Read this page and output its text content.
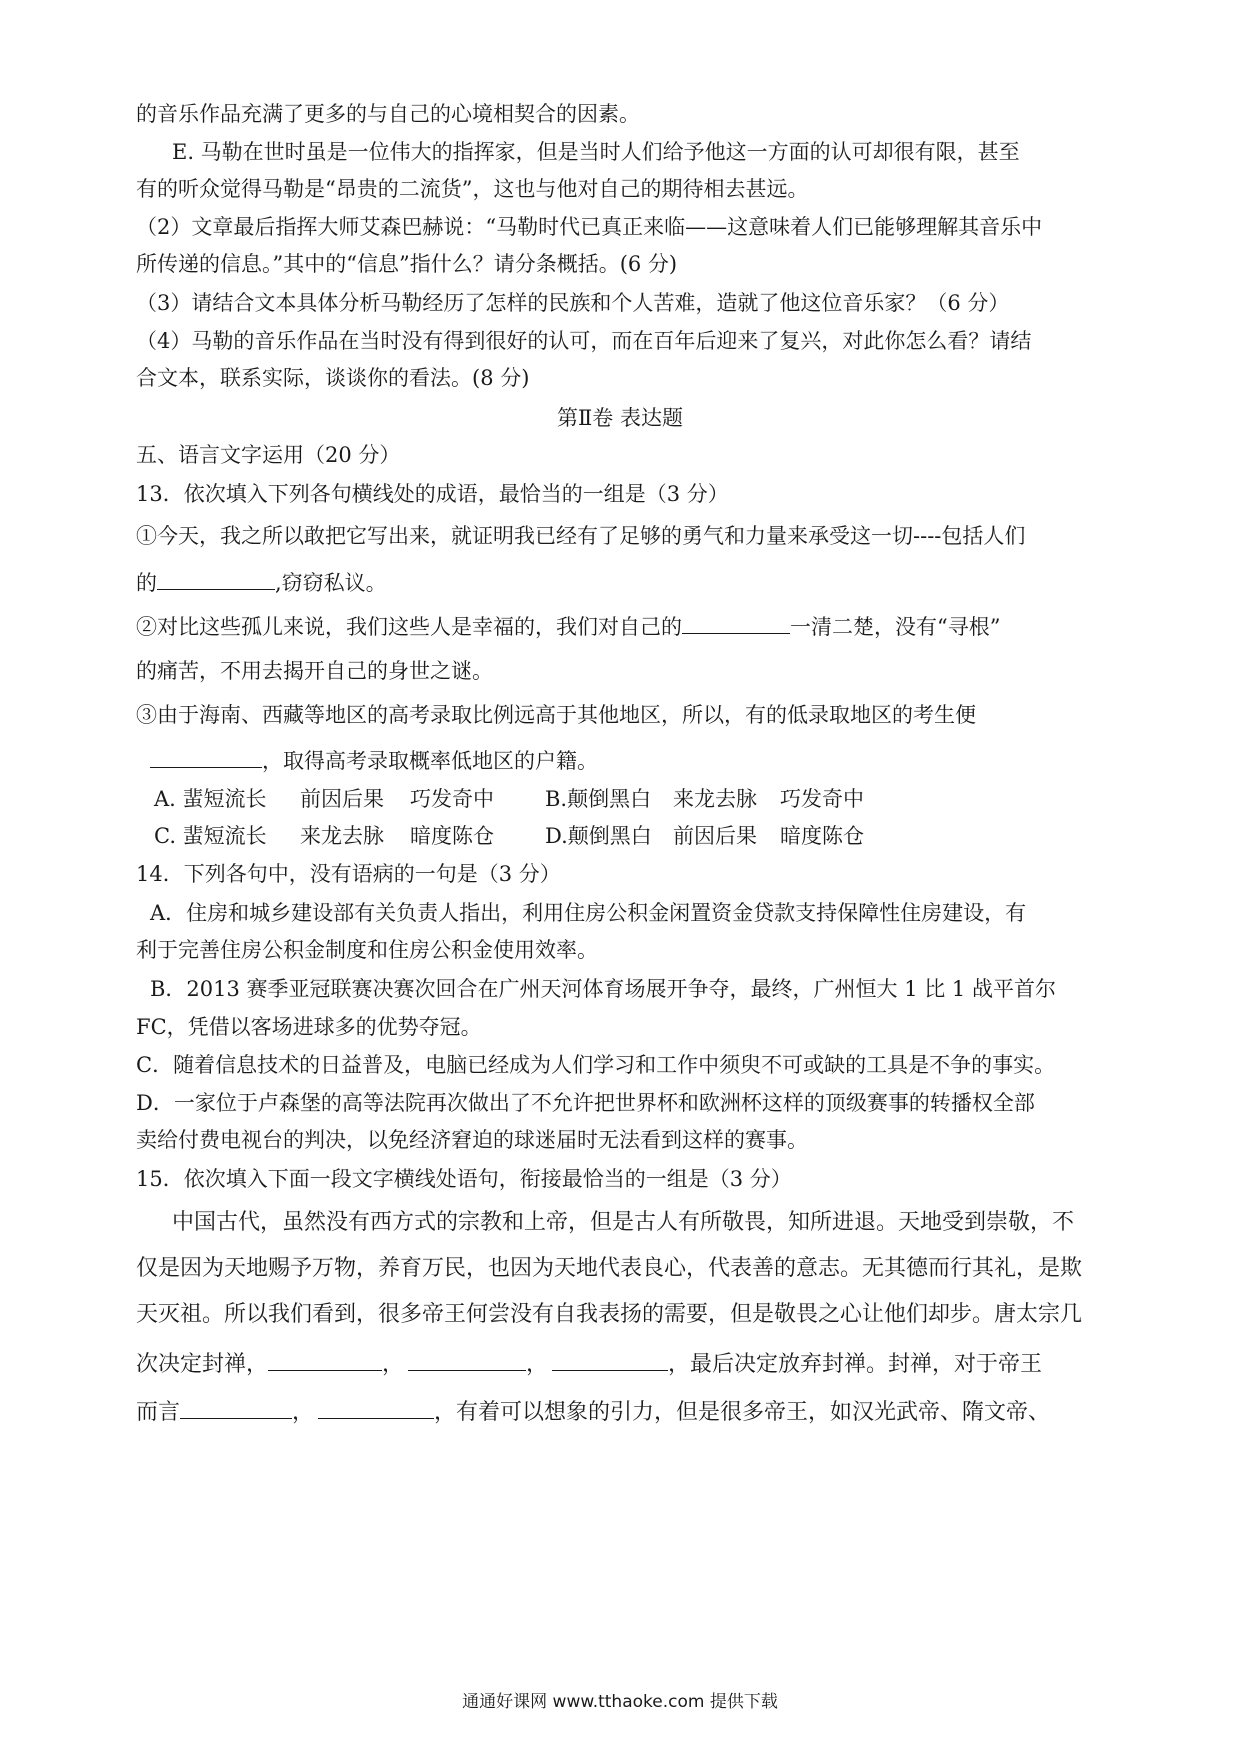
的音乐作品充满了更多的与自己的心境相契合的因素。
E. 马勒在世时虽是一位伟大的指挥家，但是当时人们给予他这一方面的认可却很有限，甚至
有的听众觉得马勒是“昂贵的二流货”，这也与他对自己的期待相去甚远。
（2）文章最后指挥大师艾森巴赫说：“马勒时代已真正来临——这意味着人们已能够理解其音乐中
所传递的信息。”其中的“信息”指什么？请分条概括。(6 分)
（3）请结合文本具体分析马勒经历了怎样的民族和个人苦难，造就了他这位音乐家？（6 分）
（4）马勒的音乐作品在当时没有得到很好的认可，而在百年后迎来了复兴，对此你怎么看？请结
合文本，联系实际，谈谈你的看法。(8 分)
第Ⅱ卷 表达题
五、语言文字运用（20 分）
13．依次填入下列各句横线处的成语，最恰当的一组是（3 分）
①今天，我之所以敢把它写出来，就证明我已经有了足够的勇气和力量来承受这一切----包括人们
的	,窃窃私议。
②对比这些孤儿来说，我们这些人是幸福的，我们对自己的	一清二楚，没有“寻根”
的痛苦，不用去揭开自己的身世之谜。
③由于海南、西藏等地区的高考录取比例远高于其他地区，所以，有的低录取地区的考生便
，取得高考录取概率低地区的户籍。
A. 蜚短流长 前因后果 巧发奇中 B.颠倒黑白 来龙去脉 巧发奇中
C. 蜚短流长 来龙去脉 暗度陈仓 D.颠倒黑白 前因后果 暗度陈仓
14．下列各句中，没有语病的一句是（3 分）
A．住房和城乡建设部有关负责人指出，利用住房公积金闲置资金贷款支持保障性住房建设，有
利于完善住房公积金制度和住房公积金使用效率。
B．2013 赛季亚冠联赛决赛次回合在广州天河体育场展开争夺，最终，广州恒大 1 比 1 战平首尔
FC，凭借以客场进球多的优势夺冠。
C．随着信息技术的日益普及，电脑已经成为人们学习和工作中须臾不可或缺的工具是不争的事实。
D．一家位于卢森堡的高等法院再次做出了不允许把世界杯和欧洲杯这样的顶级赛事的转播权全部
卖给付费电视台的判决，以免经济窘迫的球迷届时无法看到这样的赛事。
15．依次填入下面一段文字横线处语句，衔接最恰当的一组是（3 分）
中国古代，虽然没有西方式的宗教和上帝，但是古人有所敬畏，知所进退。天地受到崇敬，不
仅是因为天地赐予万物，养育万民，也因为天地代表良心，代表善的意志。无其德而行其礼，是欺
天灭祖。所以我们看到，很多帝王何尝没有自我表扬的需要，但是敬畏之心让他们却步。唐太宗几
次决定封禅，	，	，	，最后决定放弃封禅。封禅，对于帝王
而言	，	，有着可以想象的引力，但是很多帝王，如汉光武帝、隋文帝、
通通好课网 www.tthaoke.com 提供下载
